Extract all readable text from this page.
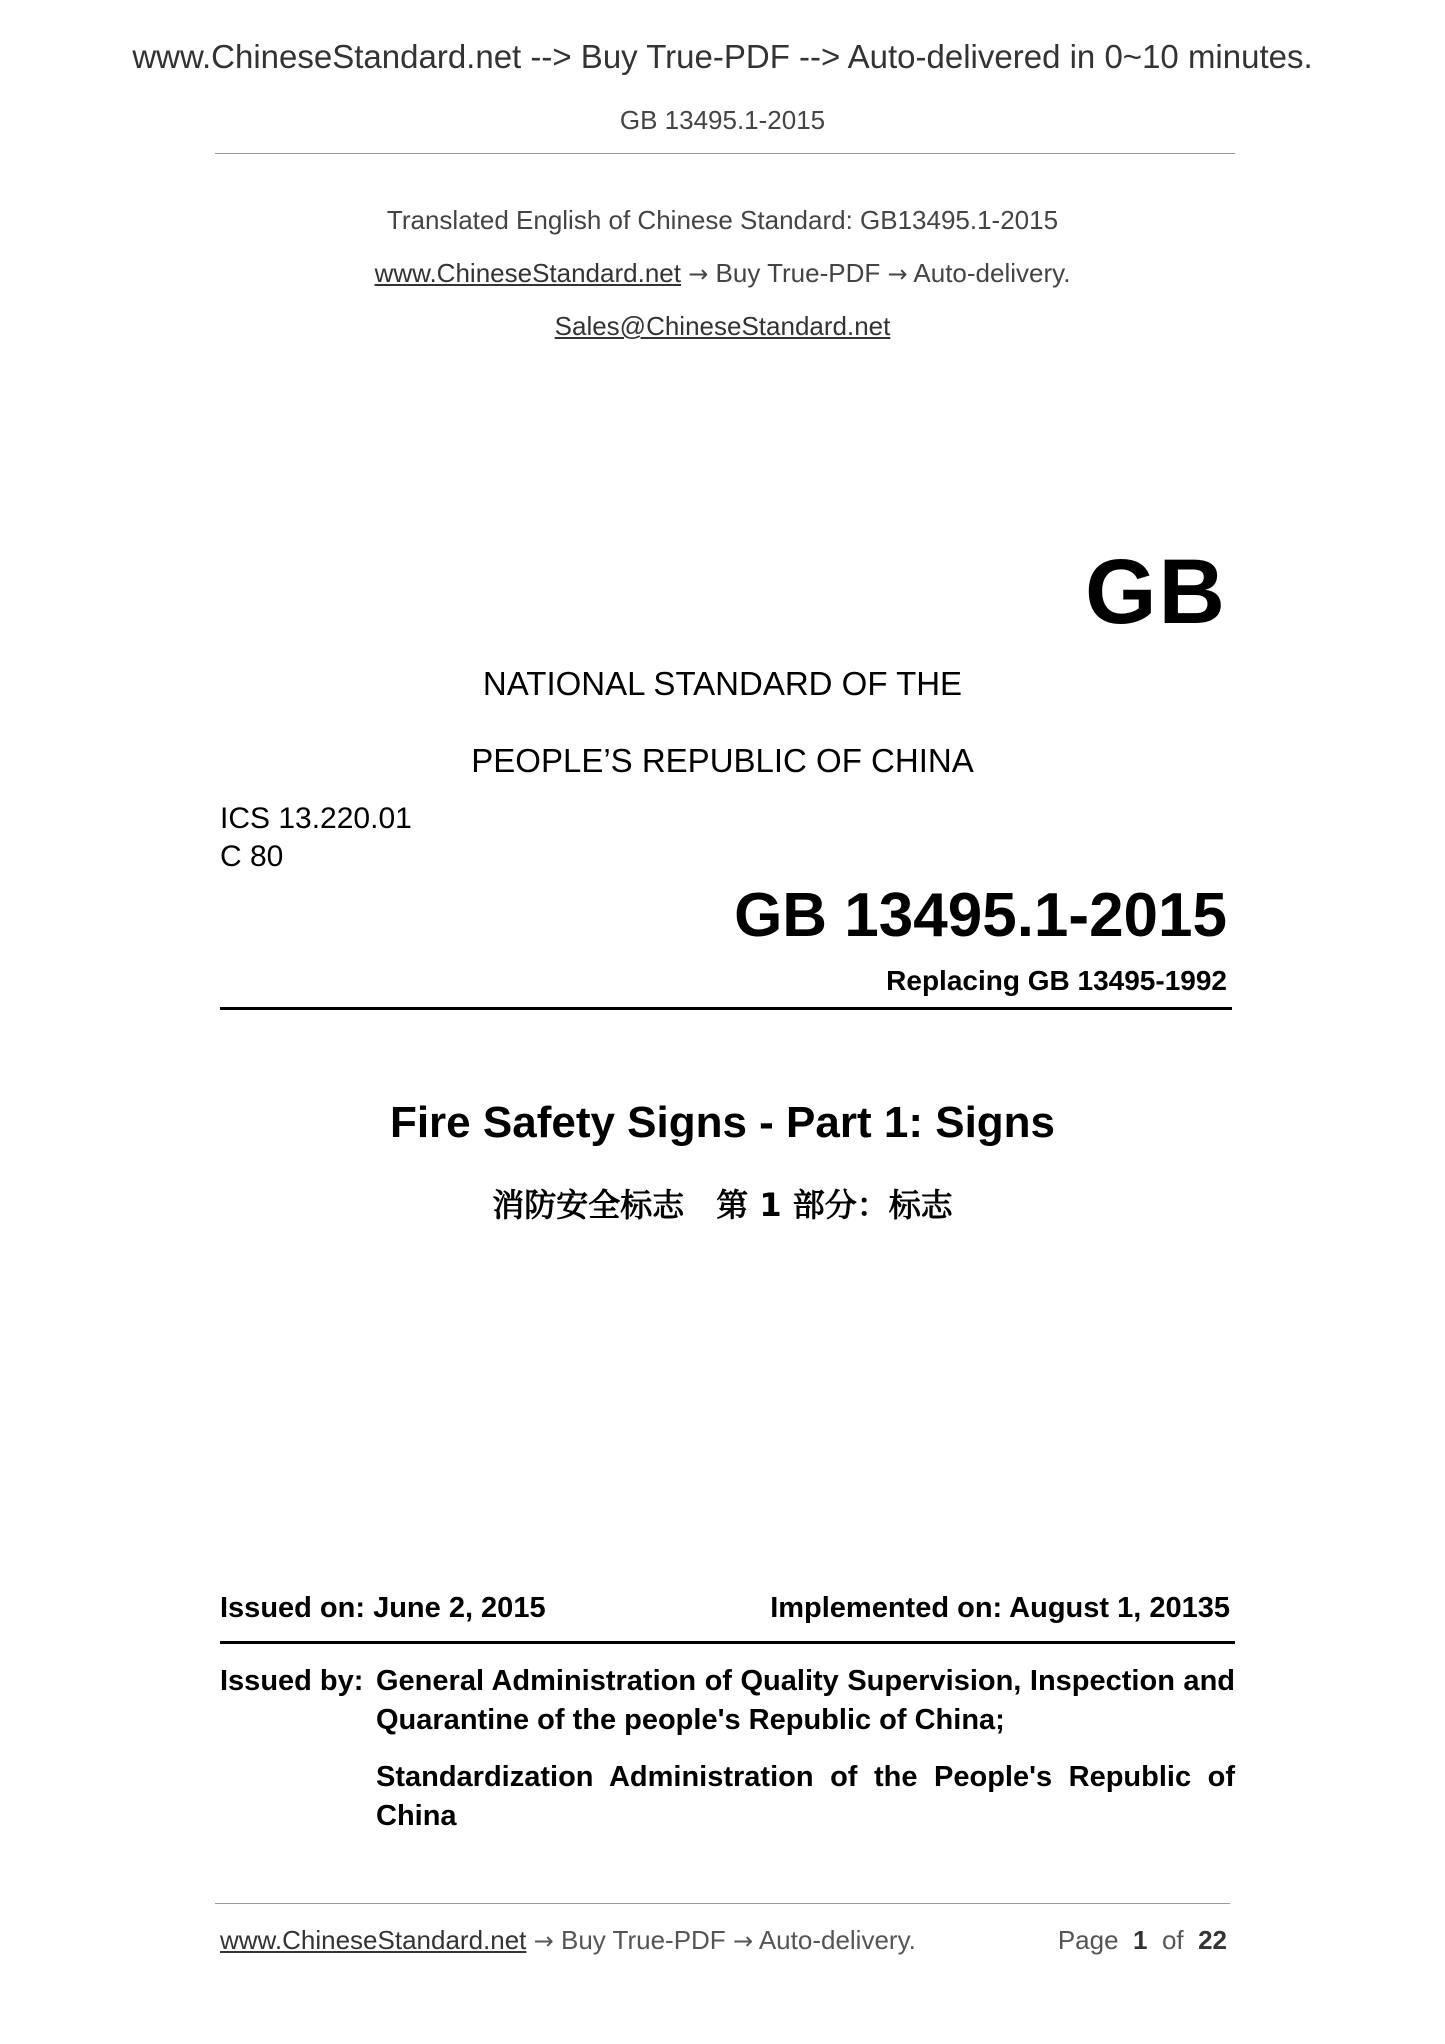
www.ChineseStandard.net --> Buy True-PDF --> Auto-delivered in 0~10 minutes.
GB 13495.1-2015
Translated English of Chinese Standard: GB13495.1-2015
www.ChineseStandard.net → Buy True-PDF → Auto-delivery.
Sales@ChineseStandard.net
GB
NATIONAL STANDARD OF THE
PEOPLE’S REPUBLIC OF CHINA
ICS 13.220.01
C 80
GB 13495.1-2015
Replacing GB 13495-1992
Fire Safety Signs - Part 1: Signs
消防安全标志　第 1 部分：标志
Issued on: June 2, 2015	Implemented on: August 1, 20135
Issued by: General Administration of Quality Supervision, Inspection and Quarantine of the people's Republic of China;
Standardization Administration of the People's Republic of China
www.ChineseStandard.net → Buy True-PDF → Auto-delivery.	Page 1 of 22
